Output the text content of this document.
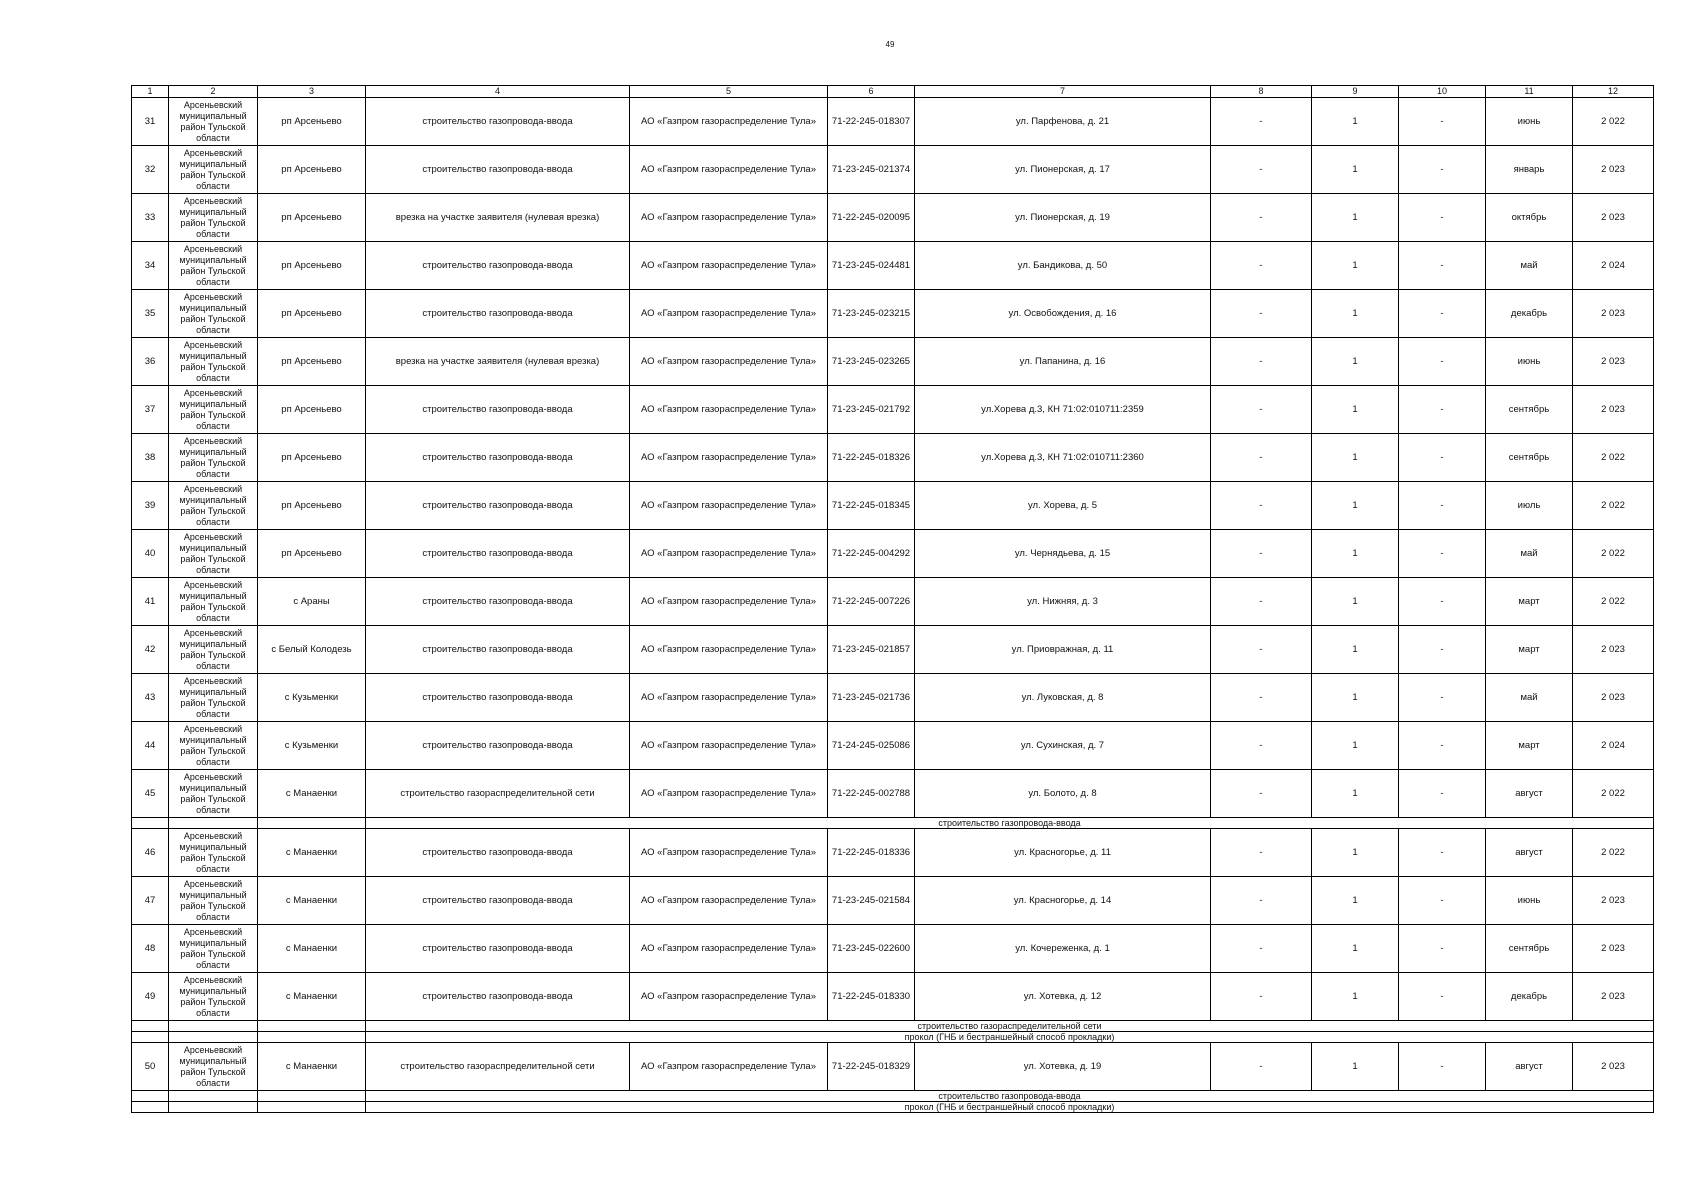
49
1	2	3	4	5	6	7	8	9	10	11	12
31	Арсеньевский муниципальный район Тульской области	рп Арсеньево	строительство газопровода-ввода	АО «Газпром газораспределение Тула»	71-22-245-018307	ул. Парфенова, д. 21	-	1	-	июнь	2 022
32	Арсеньевский муниципальный район Тульской области	рп Арсеньево	строительство газопровода-ввода	АО «Газпром газораспределение Тула»	71-23-245-021374	ул. Пионерская, д. 17	-	1	-	январь	2 023
33	Арсеньевский муниципальный район Тульской области	рп Арсеньево	врезка на участке заявителя (нулевая врезка)	АО «Газпром газораспределение Тула»	71-22-245-020095	ул. Пионерская, д. 19	-	1	-	октябрь	2 023
34	Арсеньевский муниципальный район Тульской области	рп Арсеньево	строительство газопровода-ввода	АО «Газпром газораспределение Тула»	71-23-245-024481	ул. Бандикова, д. 50	-	1	-	май	2 024
35	Арсеньевский муниципальный район Тульской области	рп Арсеньево	строительство газопровода-ввода	АО «Газпром газораспределение Тула»	71-23-245-023215	ул. Освобождения, д. 16	-	1	-	декабрь	2 023
36	Арсеньевский муниципальный район Тульской области	рп Арсеньево	врезка на участке заявителя (нулевая врезка)	АО «Газпром газораспределение Тула»	71-23-245-023265	ул. Папанина, д. 16	-	1	-	июнь	2 023
37	Арсеньевский муниципальный район Тульской области	рп Арсеньево	строительство газопровода-ввода	АО «Газпром газораспределение Тула»	71-23-245-021792	ул.Хорева д.3, КН 71:02:010711:2359	-	1	-	сентябрь	2 023
38	Арсеньевский муниципальный район Тульской области	рп Арсеньево	строительство газопровода-ввода	АО «Газпром газораспределение Тула»	71-22-245-018326	ул.Хорева д.3, КН 71:02:010711:2360	-	1	-	сентябрь	2 022
39	Арсеньевский муниципальный район Тульской области	рп Арсеньево	строительство газопровода-ввода	АО «Газпром газораспределение Тула»	71-22-245-018345	ул. Хорева, д. 5	-	1	-	июль	2 022
40	Арсеньевский муниципальный район Тульской области	рп Арсеньево	строительство газопровода-ввода	АО «Газпром газораспределение Тула»	71-22-245-004292	ул. Чернядьева, д. 15	-	1	-	май	2 022
41	Арсеньевский муниципальный район Тульской области	с Араны	строительство газопровода-ввода	АО «Газпром газораспределение Тула»	71-22-245-007226	ул. Нижняя, д. 3	-	1	-	март	2 022
42	Арсеньевский муниципальный район Тульской области	с Белый Колодезь	строительство газопровода-ввода	АО «Газпром газораспределение Тула»	71-23-245-021857	ул. Приовражная, д. 11	-	1	-	март	2 023
43	Арсеньевский муниципальный район Тульской области	с Кузьменки	строительство газопровода-ввода	АО «Газпром газораспределение Тула»	71-23-245-021736	ул. Луковская, д. 8	-	1	-	май	2 023
44	Арсеньевский муниципальный район Тульской области	с Кузьменки	строительство газопровода-ввода	АО «Газпром газораспределение Тула»	71-24-245-025086	ул. Сухинская, д. 7	-	1	-	март	2 024
45	Арсеньевский муниципальный район Тульской области	с Манаенки	строительство газораспределительной сети	АО «Газпром газораспределение Тула»	71-22-245-002788	ул. Болото, д. 8	-	1	-	август	2 022
			строительство газопровода-ввода								
46	Арсеньевский муниципальный район Тульской области	с Манаенки	строительство газопровода-ввода	АО «Газпром газораспределение Тула»	71-22-245-018336	ул. Красногорье, д. 11	-	1	-	август	2 022
47	Арсеньевский муниципальный район Тульской области	с Манаенки	строительство газопровода-ввода	АО «Газпром газораспределение Тула»	71-23-245-021584	ул. Красногорье, д. 14	-	1	-	июнь	2 023
48	Арсеньевский муниципальный район Тульской области	с Манаенки	строительство газопровода-ввода	АО «Газпром газораспределение Тула»	71-23-245-022600	ул. Кочереженка, д. 1	-	1	-	сентябрь	2 023
49	Арсеньевский муниципальный район Тульской области	с Манаенки	строительство газопровода-ввода	АО «Газпром газораспределение Тула»	71-22-245-018330	ул. Хотевка, д. 12	-	1	-	декабрь	2 023
			строительство газораспределительной сети								
			прокол (ГНБ и бестраншейный способ прокладки)								
50	Арсеньевский муниципальный район Тульской области	с Манаенки	строительство газораспределительной сети	АО «Газпром газораспределение Тула»	71-22-245-018329	ул. Хотевка, д. 19	-	1	-	август	2 023
			строительство газопровода-ввода								
			прокол (ГНБ и бестраншейный способ прокладки)								
